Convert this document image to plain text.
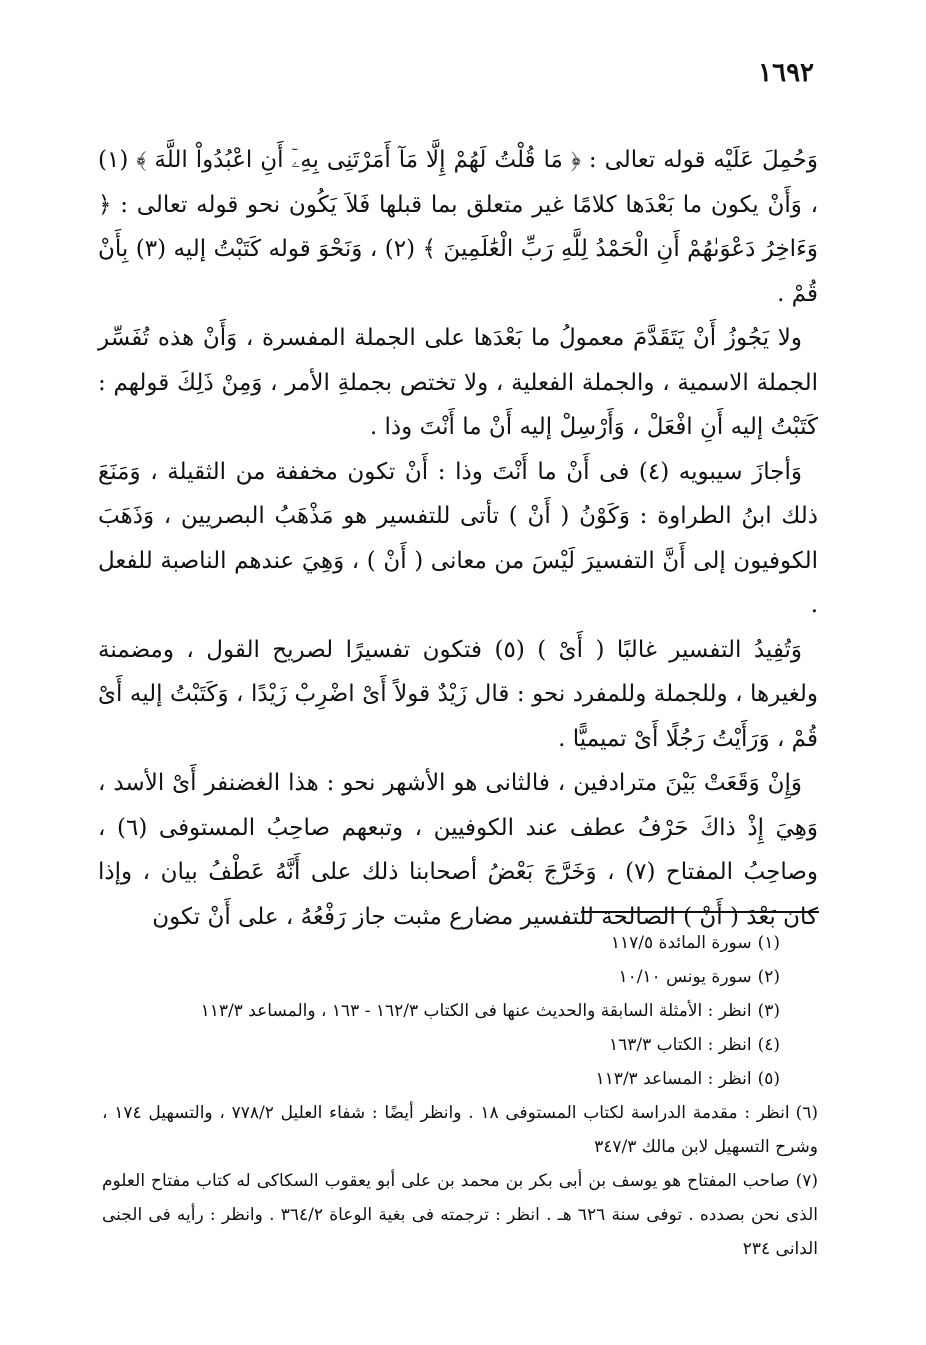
١٦٩٢

وَحُمِلَ عَلَيْه قوله تعالى : ﴿ مَا قُلْتُ لَهُمْ إِلَّا مَآ أَمَرْتَنِى بِهِۦٓ أَنِ اعْبُدُواْ اللَّهَ ﴾ (١) ، وَأَنْ يكون ما بَعْدَها كلامًا غير متعلق بما قبلها فَلاَ يَكُون نحو قوله تعالى : ﴿ وَءَاخِرُ دَعْوَىٰهُمْ أَنِ الْحَمْدُ لِلَّهِ رَبِّ الْعَٰلَمِينَ ﴾ (٢) ، وَنَحْوَ قوله كَتَبْتُ إليه (٣) بِأَنْ قُمْ .

ولا يَجُوزُ أَنْ يَتَقَدَّمَ معمولُ ما بَعْدَها على الجملة المفسرة ، وَأَنْ هذه تُفَسِّر الجملة الاسمية ، والجملة الفعلية ، ولا تختص بجملةِ الأمر ، وَمِنْ ذَلِكَ قولهم : كَتَبْتُ إليه أَنِ افْعَلْ ، وَأَرْسِلْ إليه أَنْ ما أَنْتَ وذا .

وَأجازَ سيبويه (٤) فى أَنْ ما أَنْتَ وذا : أَنْ تكون مخففة من الثقيلة ، وَمَنَعَ ذلك ابنُ الطراوة : وَكَوْنُ ( أَنْ ) تأتى للتفسير هو مَذْهَبُ البصريين ، وَذَهَبَ الكوفيون إلى أَنَّ التفسيرَ لَيْسَ من معانى ( أَنْ ) ، وَهِيَ عندهم الناصبة للفعل .

وَتُفِيدُ التفسير غالبًا ( أَىْ ) (٥) فتكون تفسيرًا لصريح القول ، ومضمنة ولغيرها ، وللجملة وللمفرد نحو : قال زَيْدٌ قولاً أَىْ اضْرِبْ زَيْدًا ، وَكَتَبْتُ إليه أَىْ قُمْ ، وَرَأَيْتُ رَجُلًا أَىْ تميميًّا .

وَإِنْ وَقَعَتْ بَيْنَ مترادفين ، فالثانى هو الأشهر نحو : هذا الغضنفر أَىْ الأسد ، وَهِيَ إِذْ ذاكَ حَرْفُ عطف عند الكوفيين ، وتبعهم صاحِبُ المستوفى (٦) ، وصاحِبُ المفتاح (٧) ، وَخَرَّجَ بَعْضُ أصحابنا ذلك على أَنَّهُ عَطْفُ بيان ، وإذا كان بَعْدَ ( أَنْ ) الصالحة للتفسير مضارع مثبت جاز رَفْعُهُ ، على أَنْ تكون

(١)سورة المائدة ١١٧/٥

(٢)سورة يونس ١٠/١٠

(٣)انظر : الأمثلة السابقة والحديث عنها فى الكتاب ١٦٢/٣ - ١٦٣ ، والمساعد ١١٣/٣

(٤)انظر : الكتاب ١٦٣/٣

(٥)انظر : المساعد ١١٣/٣

(٦)انظر : مقدمة الدراسة لكتاب المستوفى ١٨ . وانظر أيضًا : شفاء العليل ٧٧٨/٢ ، والتسهيل ١٧٤ ، وشرح التسهيل لابن مالك ٣٤٧/٣

(٧)صاحب المفتاح هو يوسف بن أبى بكر بن محمد بن على أبو يعقوب السكاكى له كتاب مفتاح العلوم الذى نحن بصدده . توفى سنة ٦٢٦ هـ . انظر : ترجمته فى بغية الوعاة ٣٦٤/٢ . وانظر : رأيه فى الجنى الدانى ٢٣٤
